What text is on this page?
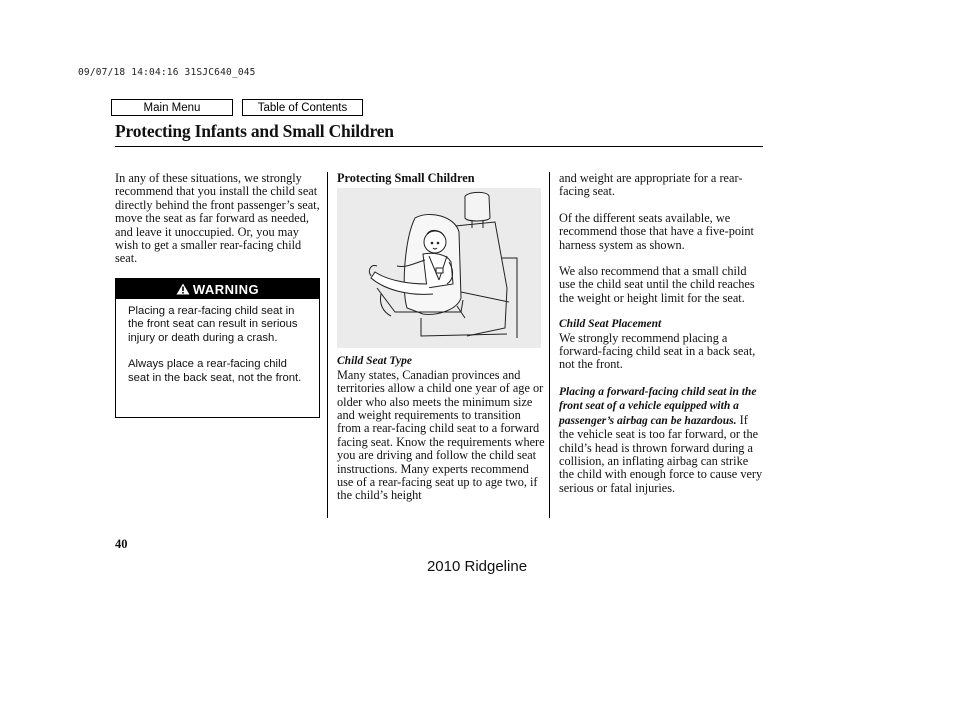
09/07/18 14:04:16 31SJC640_045
Main Menu	Table of Contents
Protecting Infants and Small Children

In any of these situations, we strongly recommend that you install the child seat directly behind the front passenger’s seat, move the seat as far forward as needed, and leave it unoccupied. Or, you may wish to get a smaller rear-facing child seat.

WARNING

Placing a rear-facing child seat in the front seat can result in serious injury or death during a crash.

Always place a rear-facing child seat in the back seat, not the front.

Protecting Small Children

Child Seat Type

Many states, Canadian provinces and territories allow a child one year of age or older who also meets the minimum size and weight requirements to transition from a rear-facing child seat to a forward facing seat. Know the requirements where you are driving and follow the child seat instructions. Many experts recommend use of a rear-facing seat up to age two, if the child’s height

and weight are appropriate for a rear-facing seat.

Of the different seats available, we recommend those that have a five-point harness system as shown.

We also recommend that a small child use the child seat until the child reaches the weight or height limit for the seat.

Child Seat Placement

We strongly recommend placing a forward-facing child seat in a back seat, not the front.

Placing a forward-facing child seat in the front seat of a vehicle equipped with a passenger’s airbag can be hazardous. If the vehicle seat is too far forward, or the child’s head is thrown forward during a collision, an inflating airbag can strike the child with enough force to cause very serious or fatal injuries.

40
2010 Ridgeline
